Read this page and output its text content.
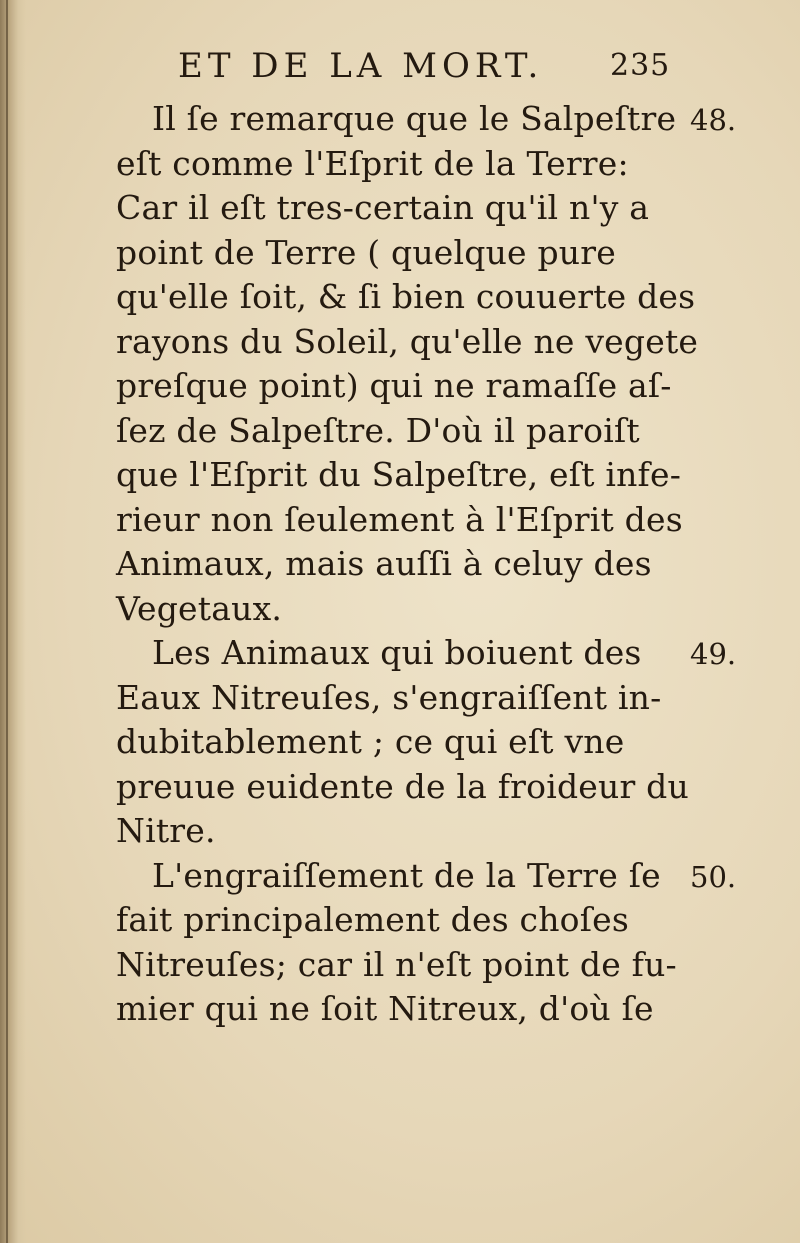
ET DE LA MORT. 235
Il ſe remarque que le Salpeſtre
eſt comme l'Eſprit de la Terre:
Car il eſt tres-certain qu'il n'y a
point de Terre ( quelque pure
qu'elle ſoit, & ſi bien couuerte des
rayons du Soleil, qu'elle ne vegete
preſque point) qui ne ramaſſe aſ-
ſez de Salpeſtre. D'où il paroiſt
que l'Eſprit du Salpeſtre, eſt infe-
rieur non ſeulement à l'Eſprit des
Animaux, mais auſſi à celuy des
Vegetaux.
Les Animaux qui boiuent des
Eaux Nitreuſes, s'engraiſſent in-
dubitablement ; ce qui eſt vne
preuue euidente de la froideur du
Nitre.
L'engraiſſement de la Terre ſe
fait principalement des choſes
Nitreuſes; car il n'eſt point de fu-
mier qui ne ſoit Nitreux, d'où ſe
48.
49.
50.
